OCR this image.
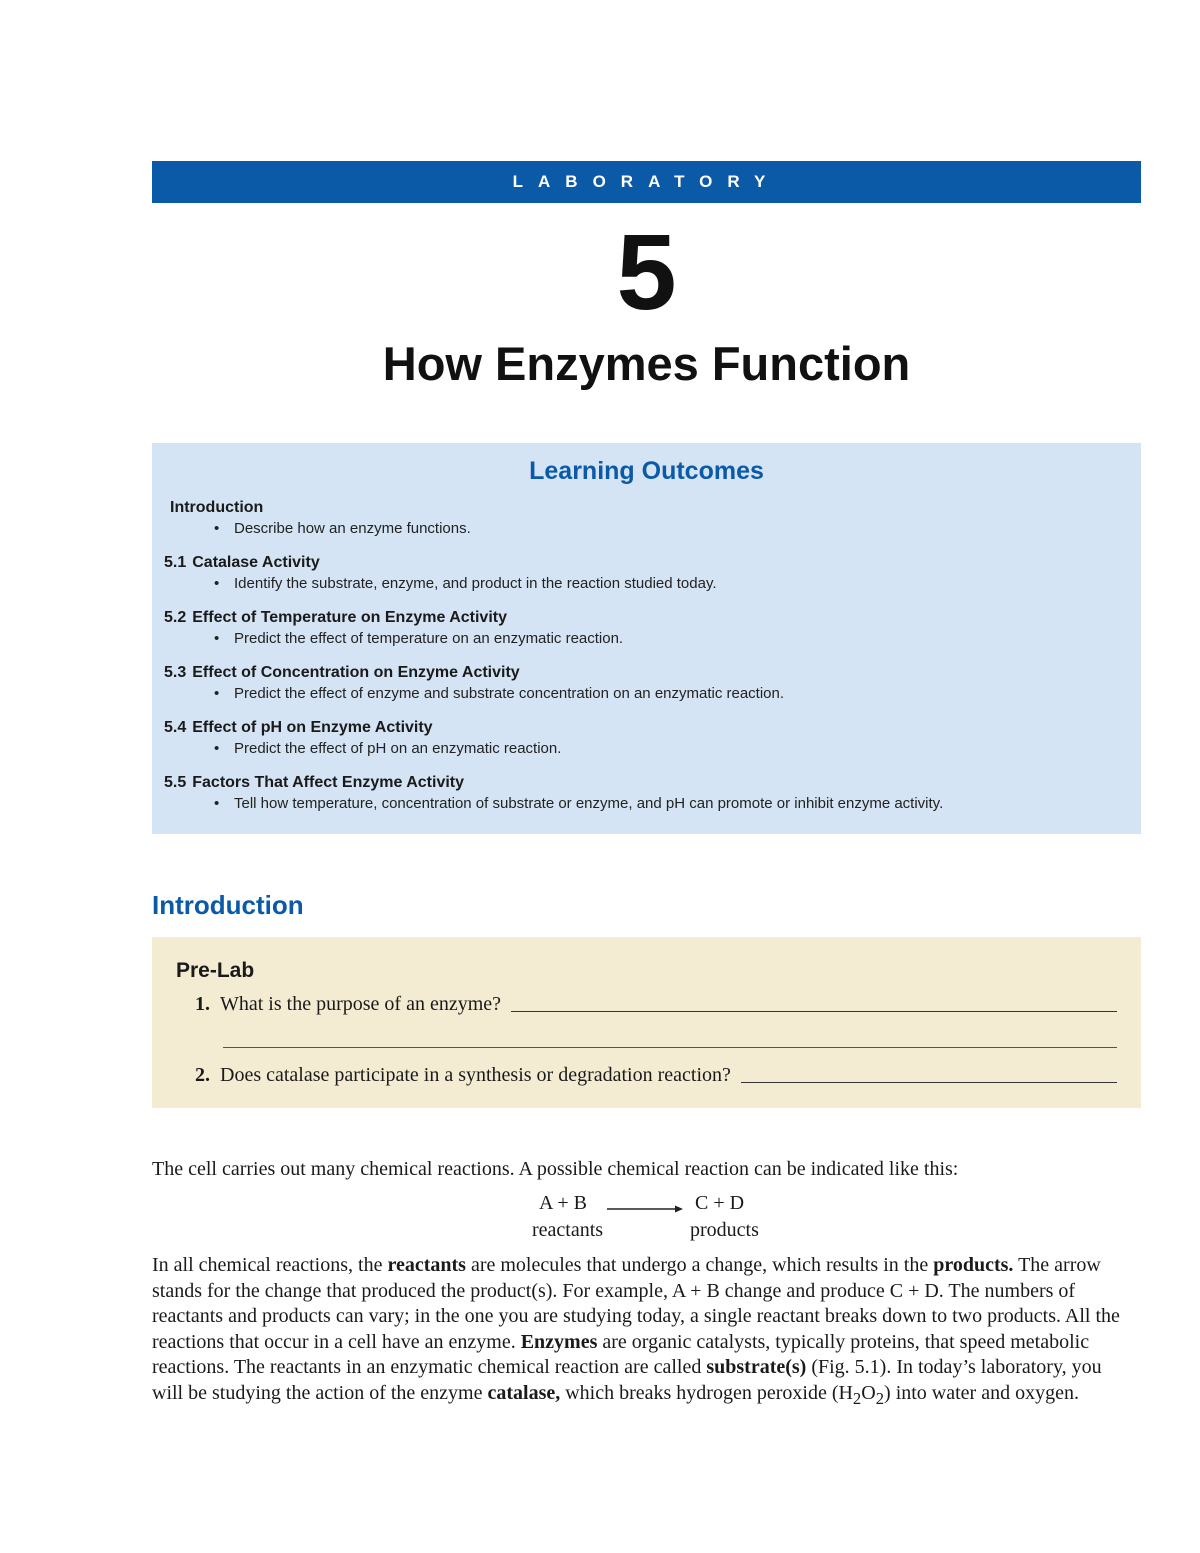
LABORATORY
5
How Enzymes Function
Learning Outcomes
Introduction
• Describe how an enzyme functions.
5.1 Catalase Activity
• Identify the substrate, enzyme, and product in the reaction studied today.
5.2 Effect of Temperature on Enzyme Activity
• Predict the effect of temperature on an enzymatic reaction.
5.3 Effect of Concentration on Enzyme Activity
• Predict the effect of enzyme and substrate concentration on an enzymatic reaction.
5.4 Effect of pH on Enzyme Activity
• Predict the effect of pH on an enzymatic reaction.
5.5 Factors That Affect Enzyme Activity
• Tell how temperature, concentration of substrate or enzyme, and pH can promote or inhibit enzyme activity.
Introduction
Pre-Lab
1. What is the purpose of an enzyme?
2. Does catalase participate in a synthesis or degradation reaction?
The cell carries out many chemical reactions. A possible chemical reaction can be indicated like this:
A + B	C + D
reactants	products
In all chemical reactions, the reactants are molecules that undergo a change, which results in the products. The arrow stands for the change that produced the product(s). For example, A + B change and produce C + D. The numbers of reactants and products can vary; in the one you are studying today, a single reactant breaks down to two products. All the reactions that occur in a cell have an enzyme. Enzymes are organic catalysts, typically proteins, that speed metabolic reactions. The reactants in an enzymatic chemical reaction are called substrate(s) (Fig. 5.1). In today’s laboratory, you will be studying the action of the enzyme catalase, which breaks hydrogen peroxide $(H_2O_2)$ into water and oxygen.
